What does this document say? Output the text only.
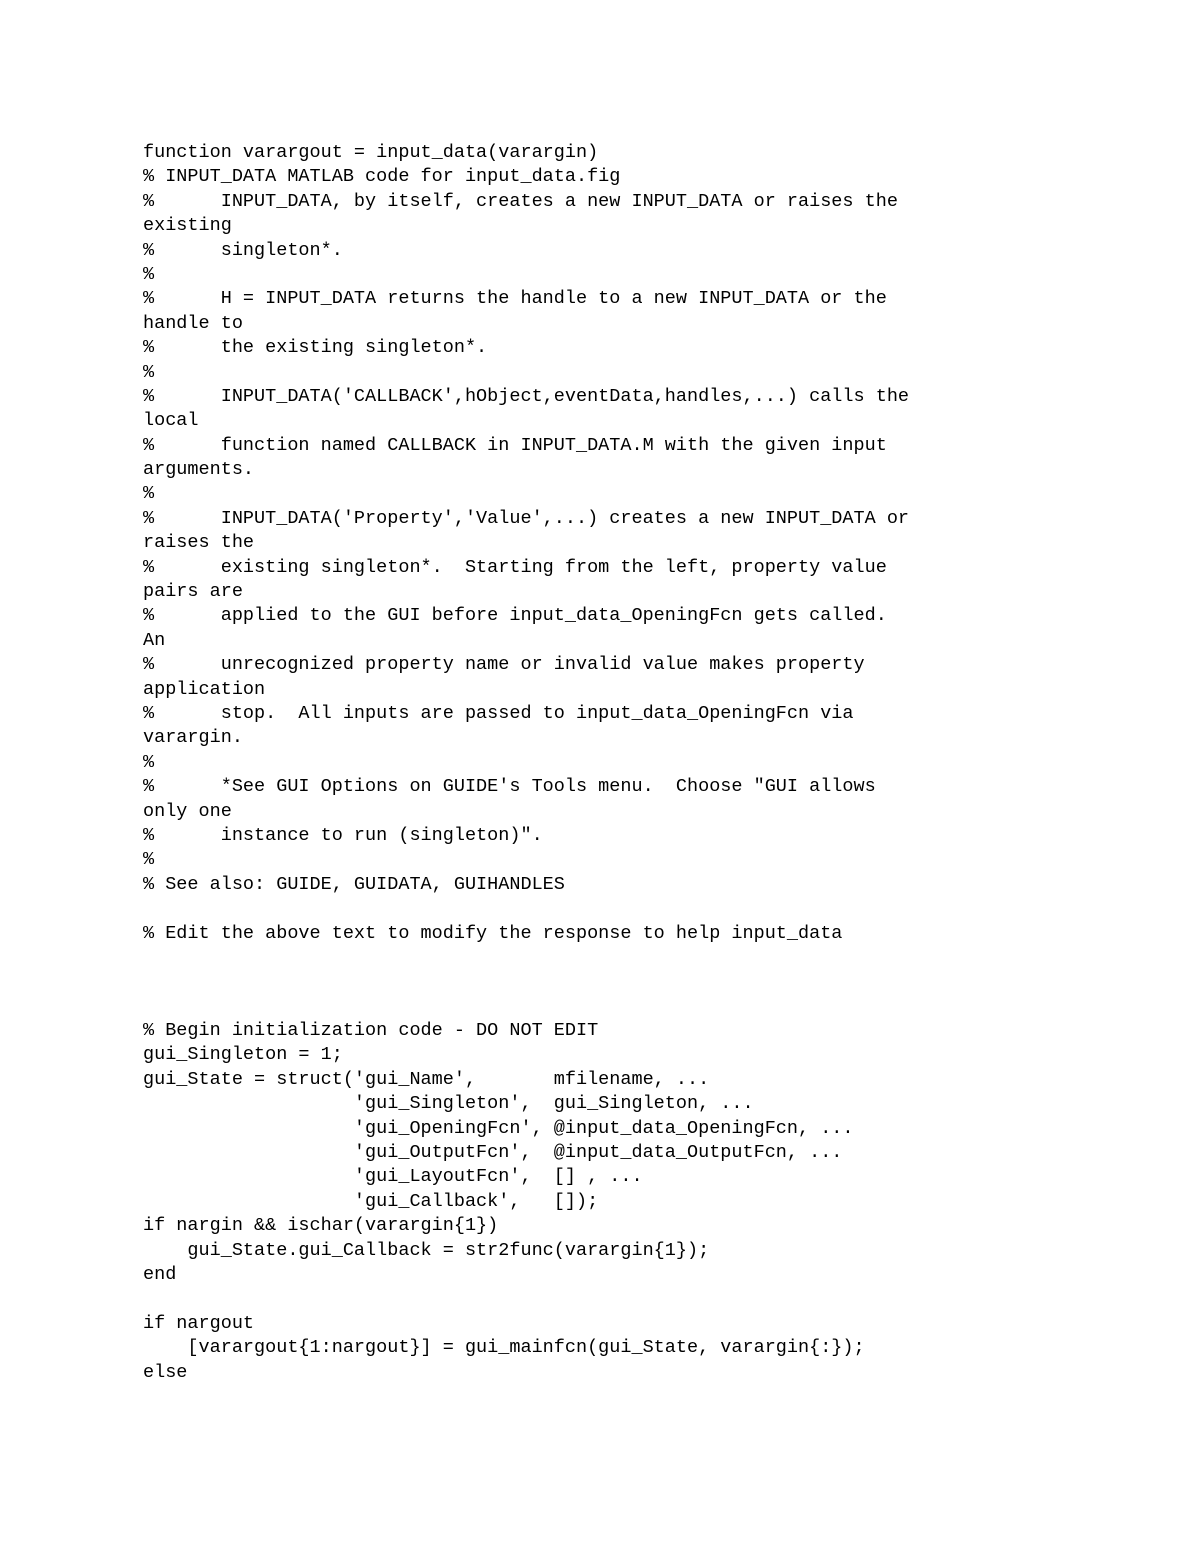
function varargout = input_data(varargin)
% INPUT_DATA MATLAB code for input_data.fig
%      INPUT_DATA, by itself, creates a new INPUT_DATA or raises the
existing
%      singleton*.
%
%      H = INPUT_DATA returns the handle to a new INPUT_DATA or the
handle to
%      the existing singleton*.
%
%      INPUT_DATA('CALLBACK',hObject,eventData,handles,...) calls the
local
%      function named CALLBACK in INPUT_DATA.M with the given input
arguments.
%
%      INPUT_DATA('Property','Value',...) creates a new INPUT_DATA or
raises the
%      existing singleton*.  Starting from the left, property value
pairs are
%      applied to the GUI before input_data_OpeningFcn gets called.
An
%      unrecognized property name or invalid value makes property
application
%      stop.  All inputs are passed to input_data_OpeningFcn via
varargin.
%
%      *See GUI Options on GUIDE's Tools menu.  Choose "GUI allows
only one
%      instance to run (singleton)".
%
% See also: GUIDE, GUIDATA, GUIHANDLES
% Edit the above text to modify the response to help input_data
% Begin initialization code - DO NOT EDIT
gui_Singleton = 1;
gui_State = struct('gui_Name',       mfilename, ...
'gui_Singleton',  gui_Singleton, ...
'gui_OpeningFcn', @input_data_OpeningFcn, ...
'gui_OutputFcn',  @input_data_OutputFcn, ...
'gui_LayoutFcn',  [] , ...
'gui_Callback',   []);
if nargin && ischar(varargin{1})
gui_State.gui_Callback = str2func(varargin{1});
end
if nargout
[varargout{1:nargout}] = gui_mainfcn(gui_State, varargin{:});
else
